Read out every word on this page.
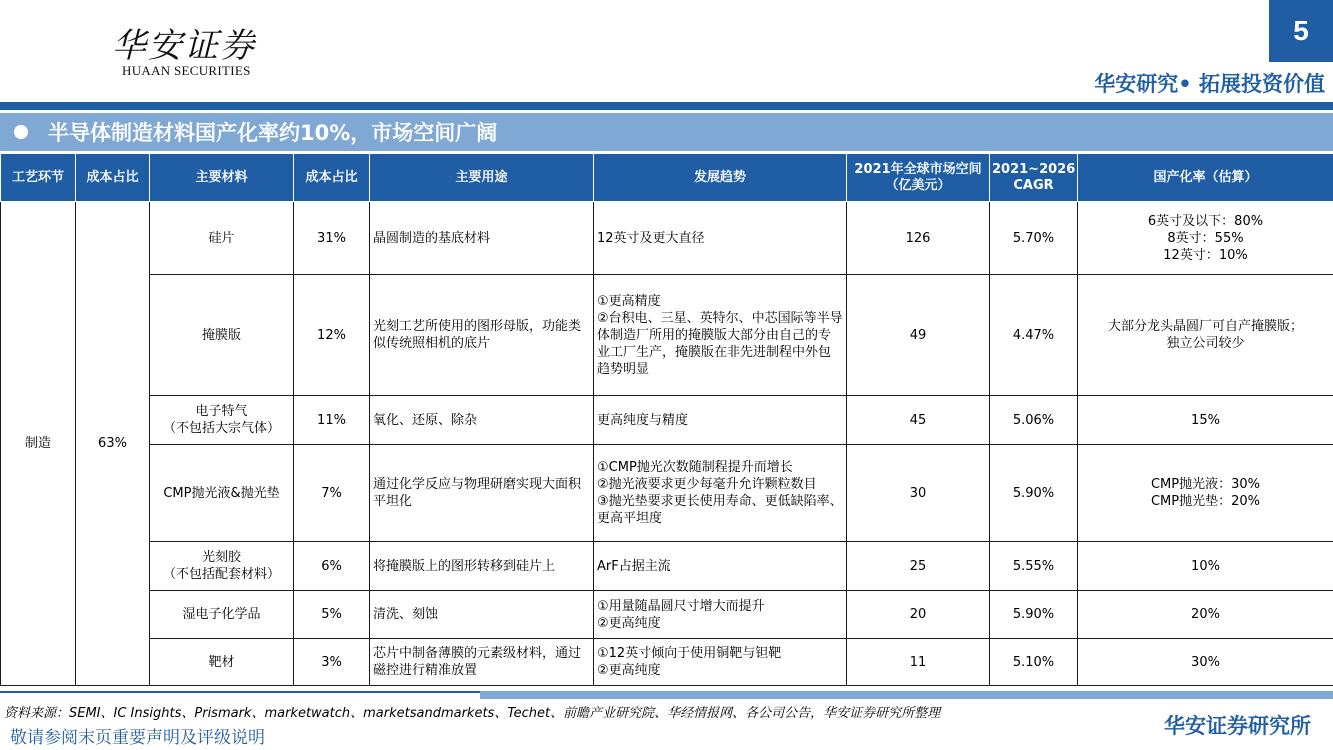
华安证券
HUAAN SECURITIES
5
华安研究• 拓展投资价值
半导体制造材料国产化率约10%，市场空间广阔
工艺环节	成本占比	主要材料	成本占比	主要用途	发展趋势	2021年全球市场空间
（亿美元）	2021~2026
CAGR	国产化率（估算）
制造	63%	硅片	31%	晶圆制造的基底材料	12英寸及更大直径	126	5.70%	6英寸及以下：80%
8英寸：55%
12英寸：10%
		掩膜版	12%	光刻工艺所使用的图形母版，功能类似传统照相机的底片	①更高精度
②台积电、三星、英特尔、中芯国际等半导体制造厂所用的掩膜版大部分由自己的专业工厂生产，掩膜版在非先进制程中外包趋势明显	49	4.47%	大部分龙头晶圆厂可自产掩膜版；
独立公司较少
		电子特气
（不包括大宗气体）	11%	氧化、还原、除杂	更高纯度与精度	45	5.06%	15%
		CMP抛光液&抛光垫	7%	通过化学反应与物理研磨实现大面积平坦化	①CMP抛光次数随制程提升而增长
②抛光液要求更少每毫升允许颗粒数目
③抛光垫要求更长使用寿命、更低缺陷率、更高平坦度	30	5.90%	CMP抛光液：30%
CMP抛光垫：20%
		光刻胶
（不包括配套材料）	6%	将掩膜版上的图形转移到硅片上	ArF占据主流	25	5.55%	10%
		湿电子化学品	5%	清洗、刻蚀	①用量随晶圆尺寸增大而提升
②更高纯度	20	5.90%	20%
		靶材	3%	芯片中制备薄膜的元素级材料，通过磁控进行精准放置	①12英寸倾向于使用铜靶与钽靶
②更高纯度	11	5.10%	30%
资料来源：SEMI、IC Insights、Prismark、marketwatch、marketsandmarkets、Techet、前瞻产业研究院、华经情报网、各公司公告，华安证券研究所整理
敬请参阅末页重要声明及评级说明	华安证券研究所
